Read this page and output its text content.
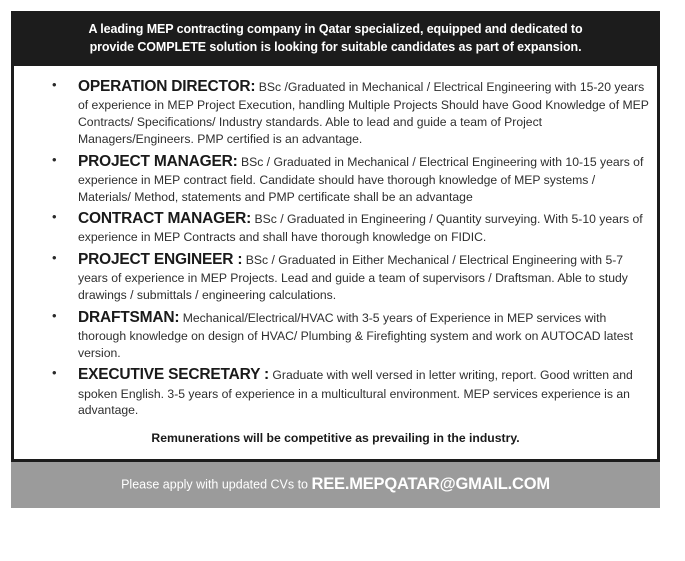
A leading MEP contracting company in Qatar specialized, equipped and dedicated to
provide COMPLETE solution is looking for suitable candidates as part of expansion.
• OPERATION DIRECTOR: BSc /Graduated in Mechanical / Electrical Engineering with 15-20 years of experience in MEP Project Execution, handling Multiple Projects Should have Good Knowledge of MEP Contracts/ Specifications/ Industry standards. Able to lead and guide a team of Project Managers/Engineers. PMP certified is an advantage.
• PROJECT MANAGER: BSc / Graduated in Mechanical / Electrical Engineering with 10-15 years of experience in MEP contract field. Candidate should have thorough knowledge of MEP systems / Materials/ Method, statements and PMP certificate shall be an advantage
• CONTRACT MANAGER: BSc / Graduated in Engineering / Quantity surveying. With 5-10 years of experience in MEP Contracts and shall have thorough knowledge on FIDIC.
• PROJECT ENGINEER : BSc / Graduated in Either Mechanical / Electrical Engineering with 5-7 years of experience in MEP Projects. Lead and guide a team of supervisors / Draftsman. Able to study drawings / submittals / engineering calculations.
• DRAFTSMAN: Mechanical/Electrical/HVAC with 3-5 years of Experience in MEP services with thorough knowledge on design of HVAC/ Plumbing & Firefighting system and work on AUTOCAD latest version.
• EXECUTIVE SECRETARY : Graduate with well versed in letter writing, report. Good written and spoken English. 3-5 years of experience in a multicultural environment. MEP services experience is an advantage.
Remunerations will be competitive as prevailing in the industry.
Please apply with updated CVs to REE.MEPQATAR@GMAIL.COM
